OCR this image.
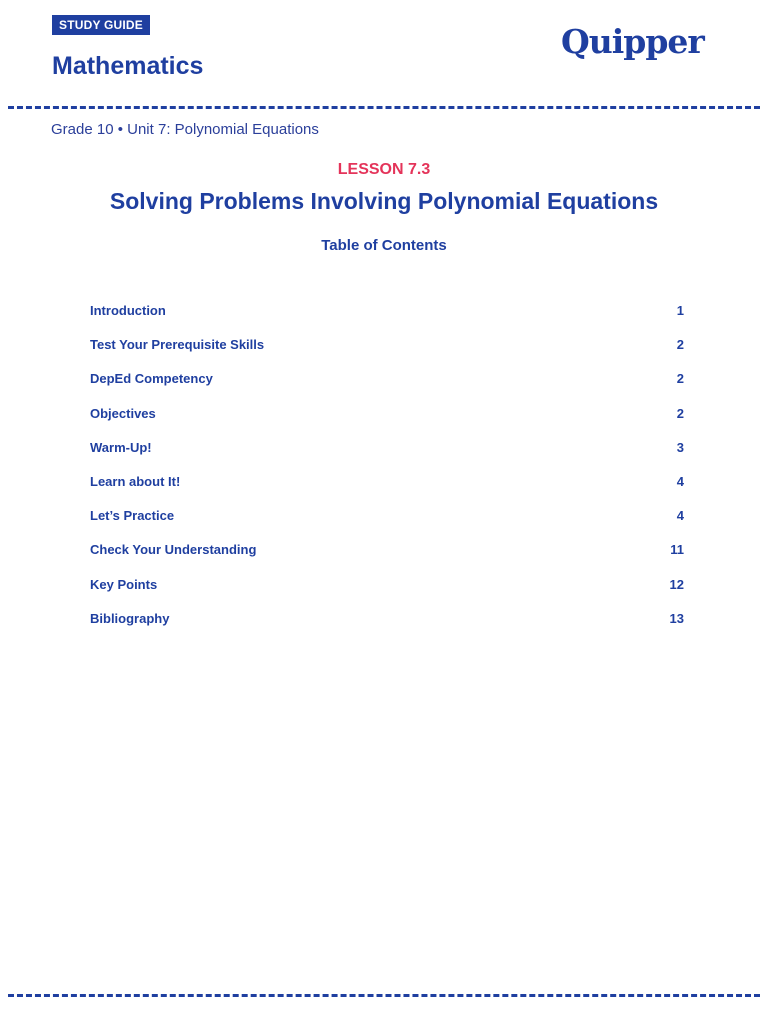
STUDY GUIDE
Mathematics
Quipper
Grade 10 • Unit 7: Polynomial Equations
LESSON 7.3
Solving Problems Involving Polynomial Equations
Table of Contents
Introduction	1
Test Your Prerequisite Skills	2
DepEd Competency	2
Objectives	2
Warm-Up!	3
Learn about It!	4
Let’s Practice	4
Check Your Understanding	11
Key Points	12
Bibliography	13
